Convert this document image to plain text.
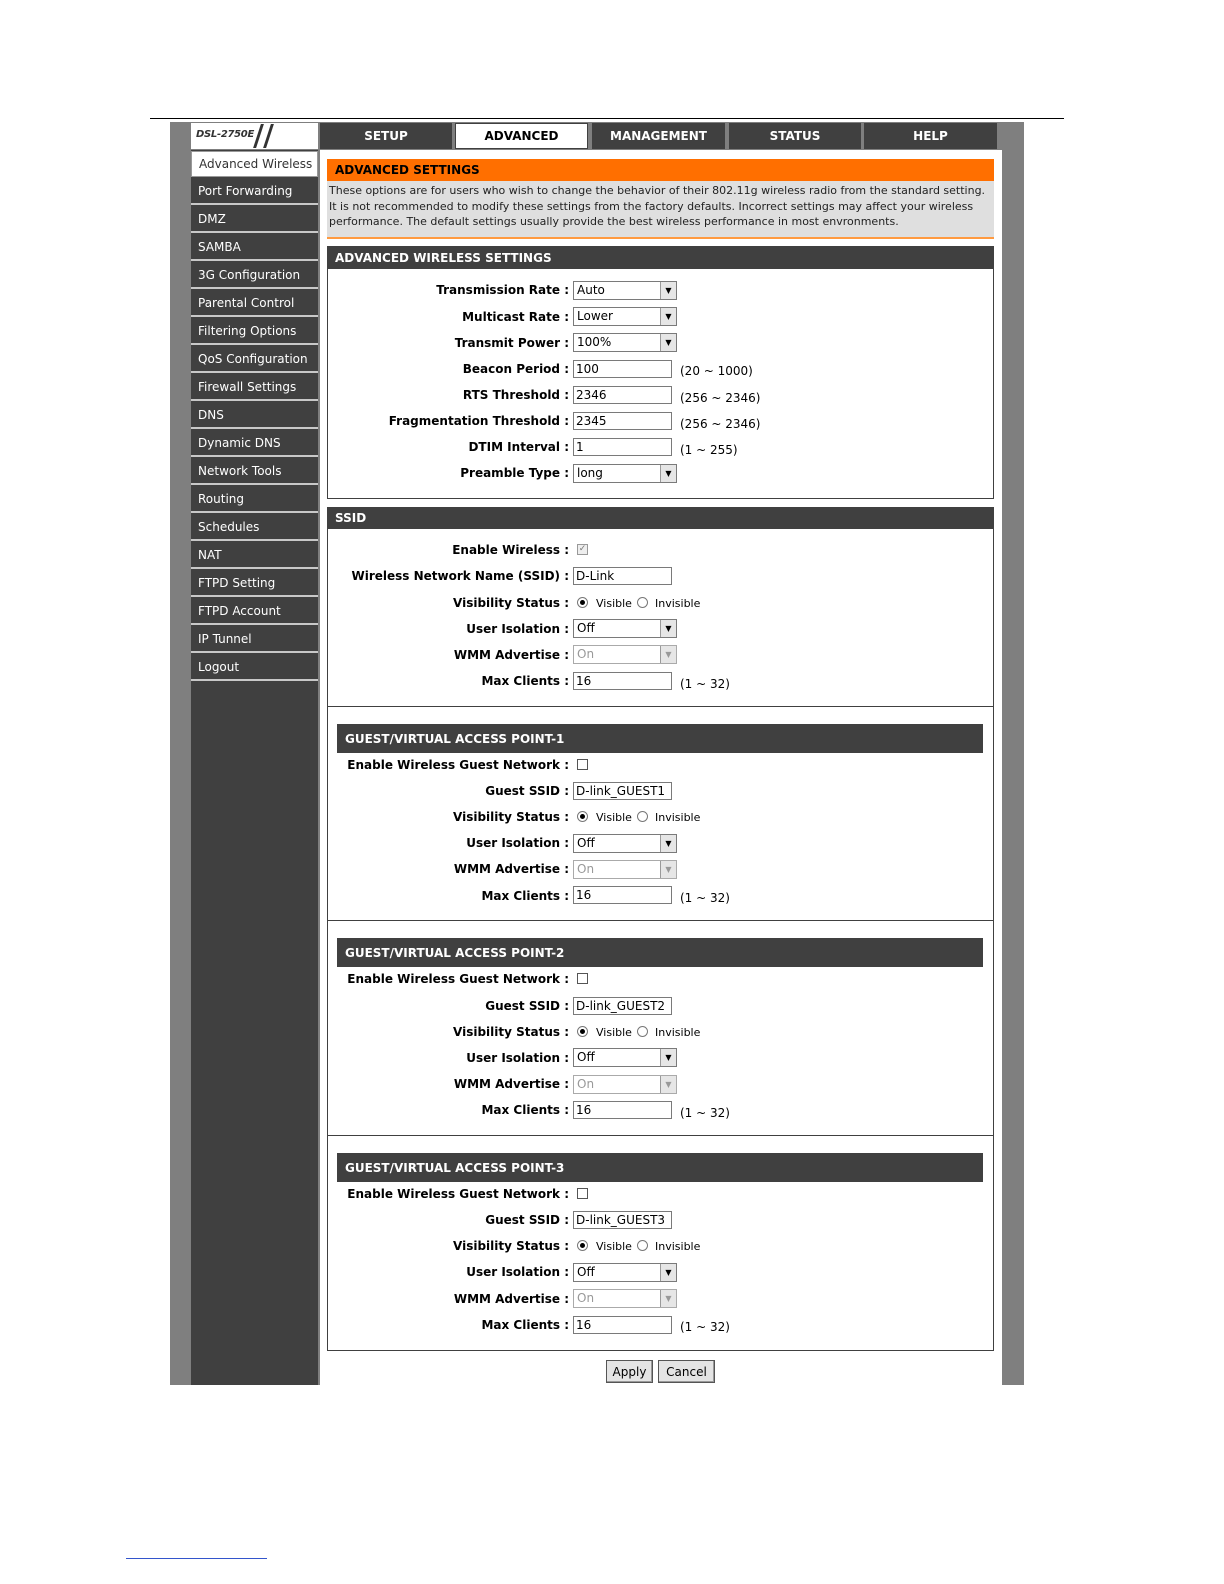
DSL-2750E	SETUP	ADVANCED	MANAGEMENT	STATUS	HELP
Advanced Wireless
Port Forwarding
DMZ
SAMBA
3G Configuration
Parental Control
Filtering Options
QoS Configuration
Firewall Settings
DNS
Dynamic DNS
Network Tools
Routing
Schedules
NAT
FTPD Setting
FTPD Account
IP Tunnel
Logout
ADVANCED SETTINGS
These options are for users who wish to change the behavior of their 802.11g wireless radio from the standard setting. It is not recommended to modify these settings from the factory defaults. Incorrect settings may affect your wireless performance. The default settings usually provide the best wireless performance in most envronments.
ADVANCED WIRELESS SETTINGS
Transmission Rate : Auto	▼
Multicast Rate : Lower	▼
Transmit Power : 100%	▼
Beacon Period : 100	(20 ~ 1000)
RTS Threshold : 2346	(256 ~ 2346)
Fragmentation Threshold : 2345	(256 ~ 2346)
DTIM Interval : 1	(1 ~ 255)
Preamble Type : long	▼
SSID
Enable Wireless : ✓
Wireless Network Name (SSID) : D-Link
Visibility Status : Visible Invisible
User Isolation : Off	▼
WMM Advertise : On	▼
Max Clients : 16	(1 ~ 32)
GUEST/VIRTUAL ACCESS POINT-1
Enable Wireless Guest Network :
Guest SSID : D-link_GUEST1
Visibility Status : Visible Invisible
User Isolation : Off	▼
WMM Advertise : On	▼
Max Clients : 16	(1 ~ 32)
GUEST/VIRTUAL ACCESS POINT-2
Enable Wireless Guest Network :
Guest SSID : D-link_GUEST2
Visibility Status : Visible Invisible
User Isolation : Off	▼
WMM Advertise : On	▼
Max Clients : 16	(1 ~ 32)
GUEST/VIRTUAL ACCESS POINT-3
Enable Wireless Guest Network :
Guest SSID : D-link_GUEST3
Visibility Status : Visible Invisible
User Isolation : Off	▼
WMM Advertise : On	▼
Max Clients : 16	(1 ~ 32)
Apply	Cancel
